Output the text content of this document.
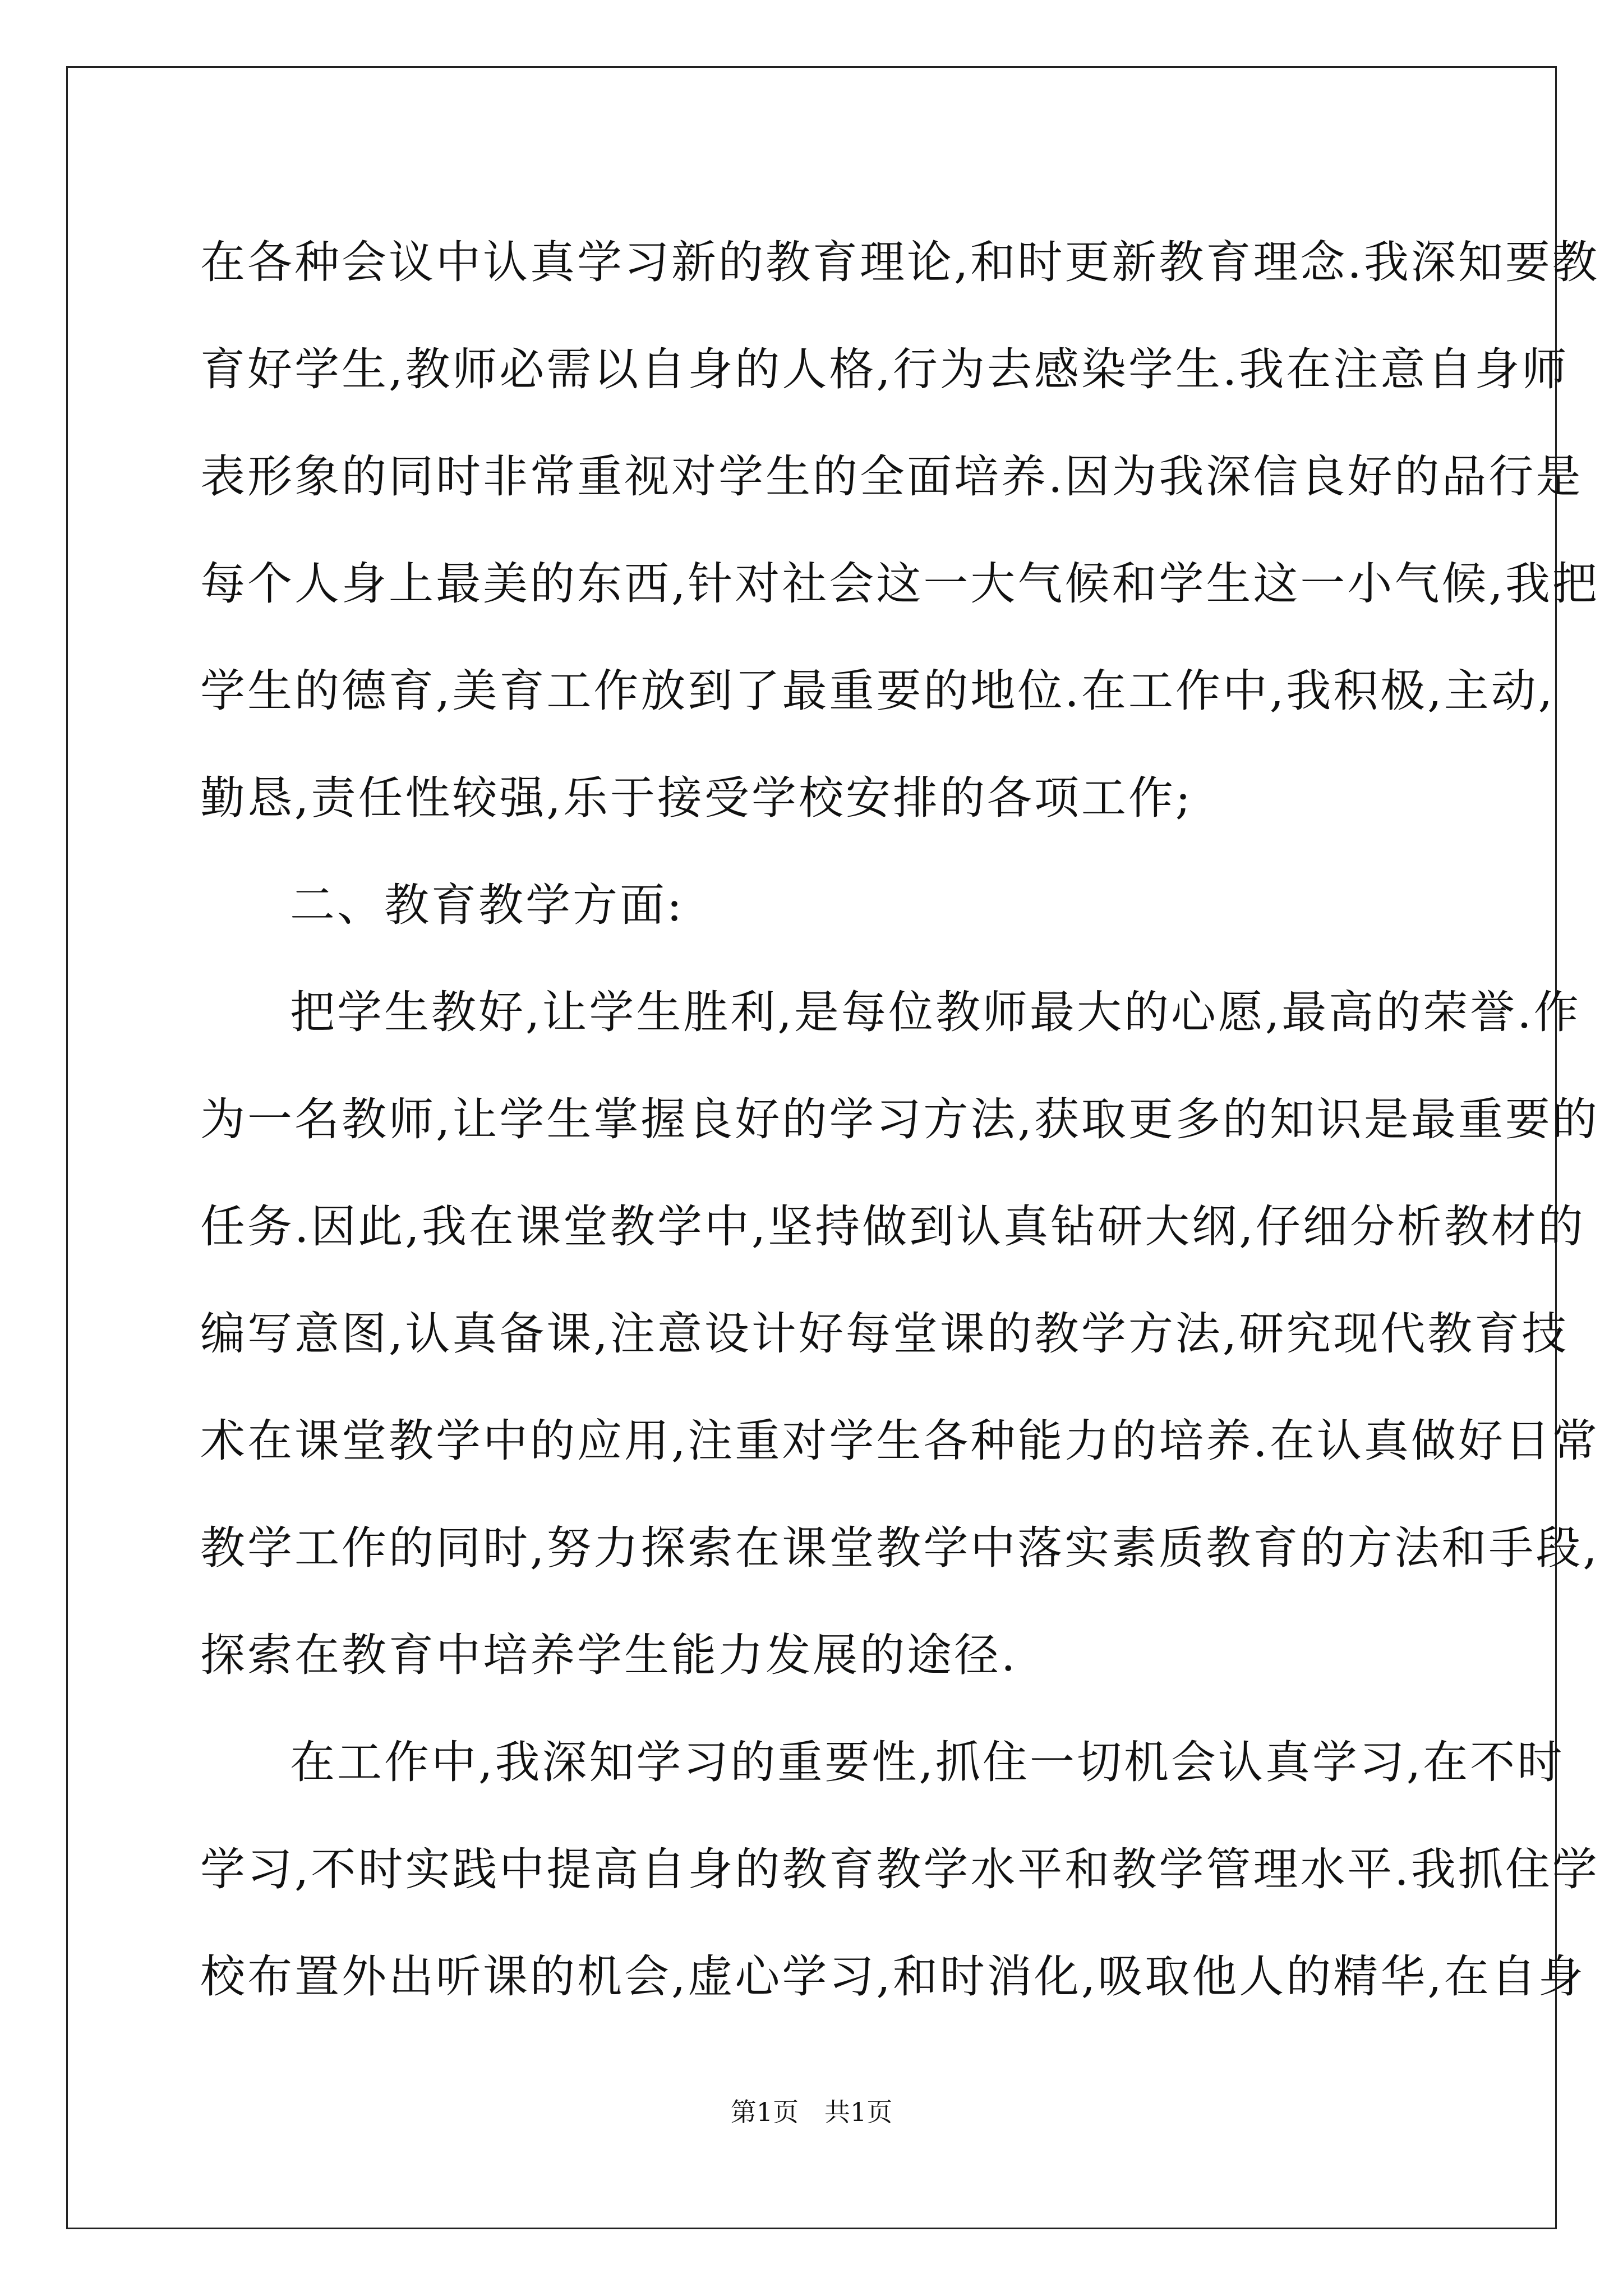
在各种会议中认真学习新的教育理论,和时更新教育理念.我深知要教
育好学生,教师必需以自身的人格,行为去感染学生.我在注意自身师
表形象的同时非常重视对学生的全面培养.因为我深信良好的品行是
每个人身上最美的东西,针对社会这一大气候和学生这一小气候,我把
学生的德育,美育工作放到了最重要的地位.在工作中,我积极,主动,
勤恳,责任性较强,乐于接受学校安排的各项工作;
二、教育教学方面:
把学生教好,让学生胜利,是每位教师最大的心愿,最高的荣誉.作
为一名教师,让学生掌握良好的学习方法,获取更多的知识是最重要的
任务.因此,我在课堂教学中,坚持做到认真钻研大纲,仔细分析教材的
编写意图,认真备课,注意设计好每堂课的教学方法,研究现代教育技
术在课堂教学中的应用,注重对学生各种能力的培养.在认真做好日常
教学工作的同时,努力探索在课堂教学中落实素质教育的方法和手段,
探索在教育中培养学生能力发展的途径.
在工作中,我深知学习的重要性,抓住一切机会认真学习,在不时
学习,不时实践中提高自身的教育教学水平和教学管理水平.我抓住学
校布置外出听课的机会,虚心学习,和时消化,吸取他人的精华,在自身
第1页 共1页
